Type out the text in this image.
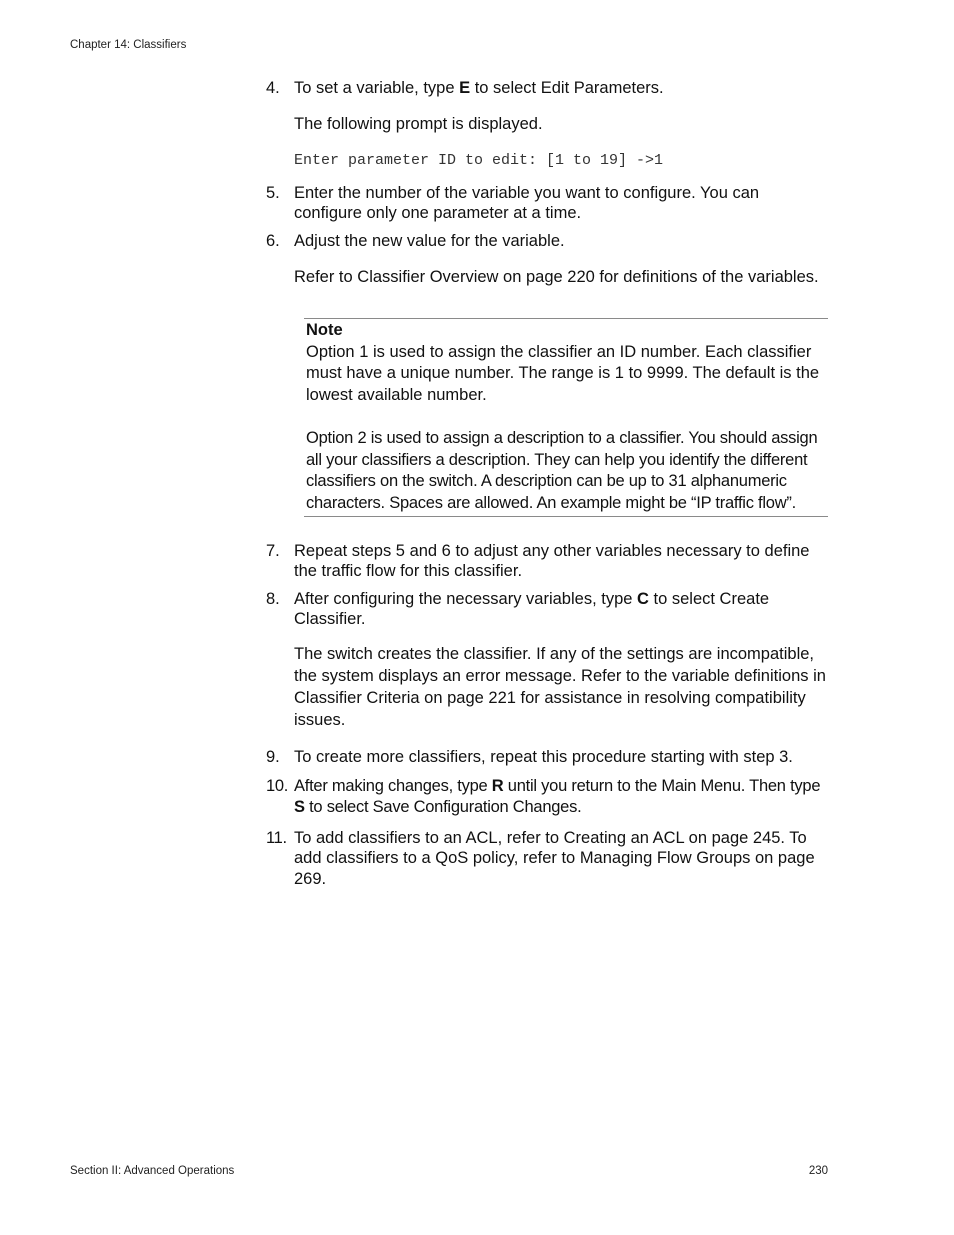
Chapter 14: Classifiers
4. To set a variable, type E to select Edit Parameters.
The following prompt is displayed.
Enter parameter ID to edit: [1 to 19] ->1
5. Enter the number of the variable you want to configure. You can configure only one parameter at a time.
6. Adjust the new value for the variable.
Refer to Classifier Overview on page 220 for definitions of the variables.
Note
Option 1 is used to assign the classifier an ID number. Each classifier must have a unique number. The range is 1 to 9999. The default is the lowest available number.
Option 2 is used to assign a description to a classifier. You should assign all your classifiers a description. They can help you identify the different classifiers on the switch. A description can be up to 31 alphanumeric characters. Spaces are allowed. An example might be “IP traffic flow”.
7. Repeat steps 5 and 6 to adjust any other variables necessary to define the traffic flow for this classifier.
8. After configuring the necessary variables, type C to select Create Classifier.
The switch creates the classifier. If any of the settings are incompatible, the system displays an error message. Refer to the variable definitions in Classifier Criteria on page 221 for assistance in resolving compatibility issues.
9. To create more classifiers, repeat this procedure starting with step 3.
10. After making changes, type R until you return to the Main Menu. Then type S to select Save Configuration Changes.
11. To add classifiers to an ACL, refer to Creating an ACL on page 245. To add classifiers to a QoS policy, refer to Managing Flow Groups on page 269.
Section II: Advanced Operations	230
